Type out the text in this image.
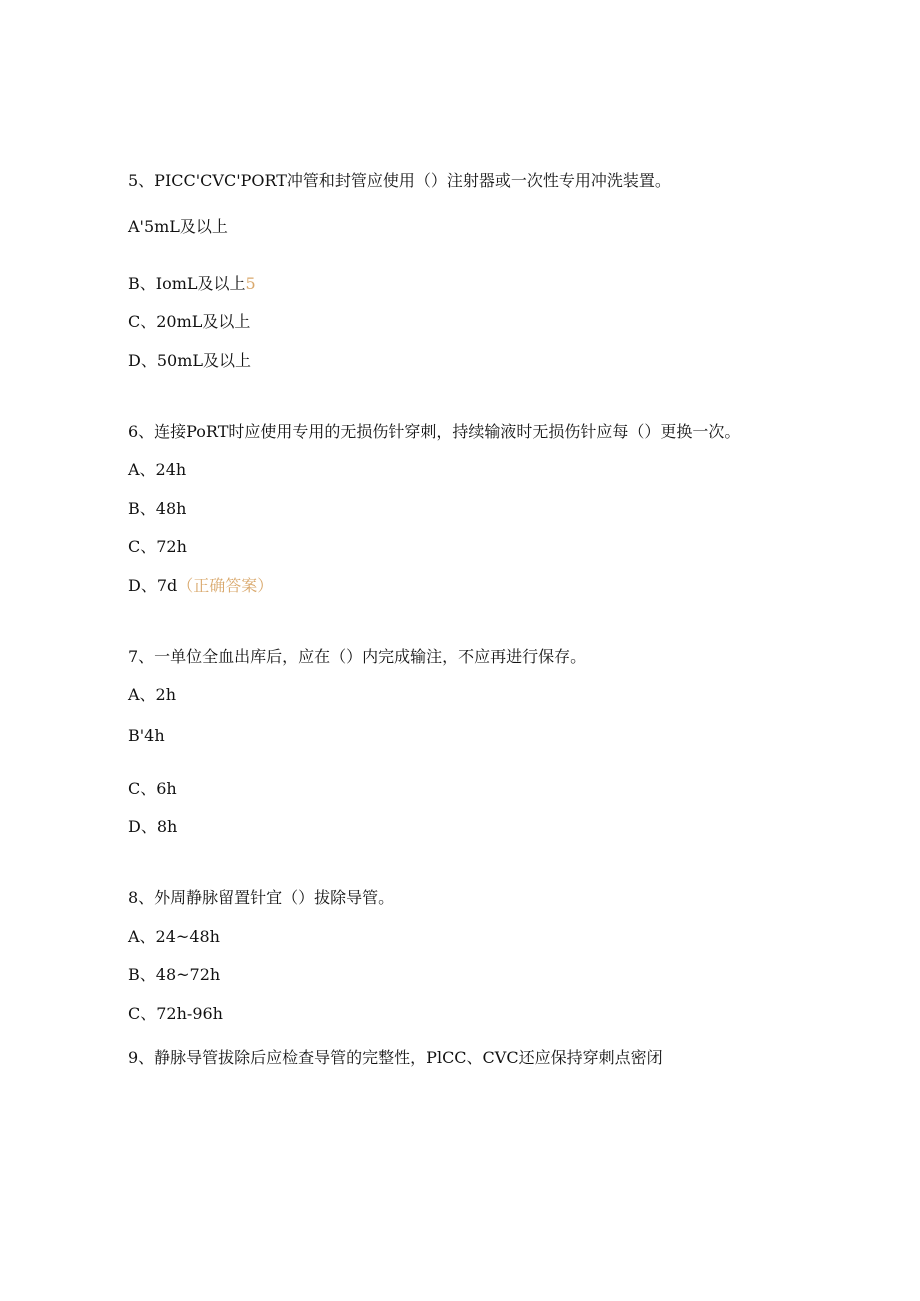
5、PICC'CVC'PORT冲管和封管应使用（）注射器或一次性专用冲洗装置。
A'5mL及以上
B、IomL及以上5
C、20mL及以上
D、50mL及以上
6、连接PoRT时应使用专用的无损伤针穿刺，持续输液时无损伤针应每（）更换一次。
A、24h
B、48h
C、72h
D、7d（正确答案）
7、一单位全血出库后，应在（）内完成输注，不应再进行保存。
A、2h
B'4h
C、6h
D、8h
8、外周静脉留置针宜（）拔除导管。
A、24~48h
B、48~72h
C、72h-96h
9、静脉导管拔除后应检查导管的完整性，PlCC、CVC还应保持穿刺点密闭
